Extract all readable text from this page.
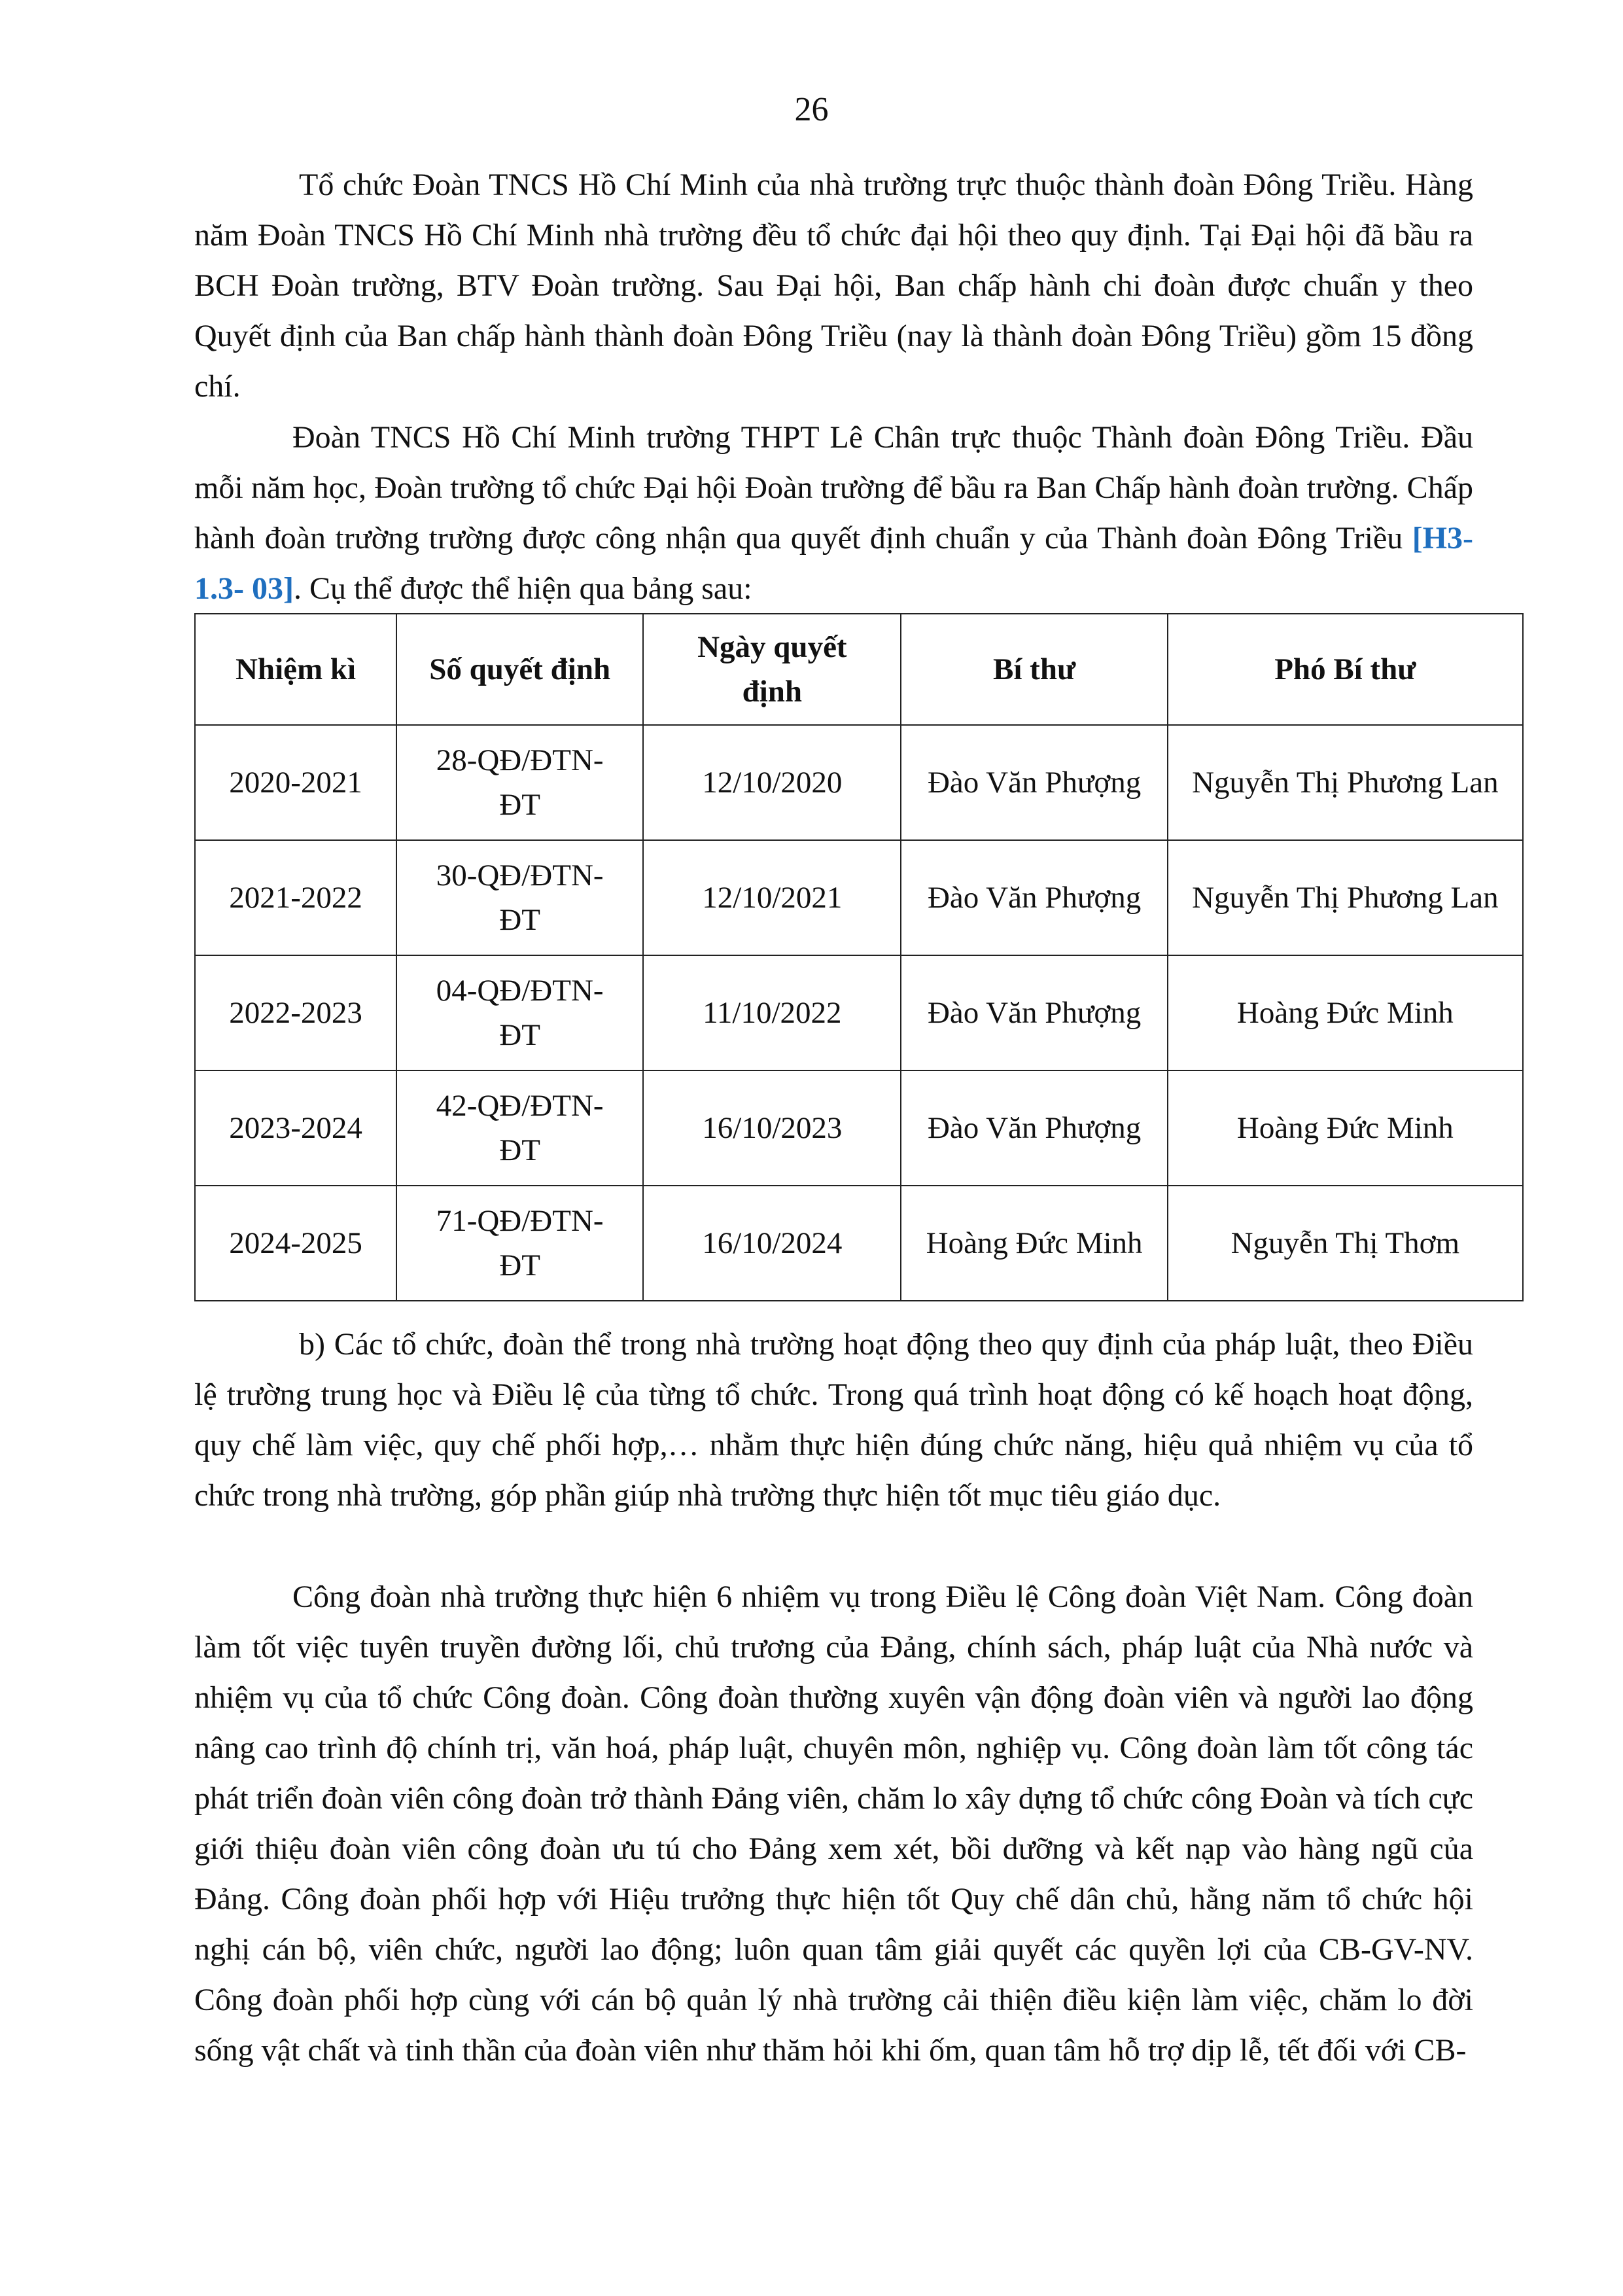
26

Tổ chức Đoàn TNCS Hồ Chí Minh của nhà trường trực thuộc thành đoàn Đông Triều. Hàng năm Đoàn TNCS Hồ Chí Minh nhà trường đều tổ chức đại hội theo quy định. Tại Đại hội đã bầu ra BCH Đoàn trường, BTV Đoàn trường. Sau Đại hội, Ban chấp hành chi đoàn được chuẩn y theo Quyết định của Ban chấp hành thành đoàn Đông Triều (nay là thành đoàn Đông Triều) gồm 15 đồng chí.

Đoàn TNCS Hồ Chí Minh trường THPT Lê Chân trực thuộc Thành đoàn Đông Triều. Đầu mỗi năm học, Đoàn trường tổ chức Đại hội Đoàn trường để bầu ra Ban Chấp hành đoàn trường. Chấp hành đoàn trường trường được công nhận qua quyết định chuẩn y của Thành đoàn Đông Triều [H3-1.3- 03]. Cụ thể được thể hiện qua bảng sau:

Nhiệm kì	Số quyết định	Ngày quyết định	Bí thư	Phó Bí thư
2020-2021	28-QĐ/ĐTN-ĐT	12/10/2020	Đào Văn Phượng	Nguyễn Thị Phương Lan
2021-2022	30-QĐ/ĐTN-ĐT	12/10/2021	Đào Văn Phượng	Nguyễn Thị Phương Lan
2022-2023	04-QĐ/ĐTN-ĐT	11/10/2022	Đào Văn Phượng	Hoàng Đức Minh
2023-2024	42-QĐ/ĐTN-ĐT	16/10/2023	Đào Văn Phượng	Hoàng Đức Minh
2024-2025	71-QĐ/ĐTN-ĐT	16/10/2024	Hoàng Đức Minh	Nguyễn Thị Thơm

b) Các tổ chức, đoàn thể trong nhà trường hoạt động theo quy định của pháp luật, theo Điều lệ trường trung học và Điều lệ của từng tổ chức. Trong quá trình hoạt động có kế hoạch hoạt động, quy chế làm việc, quy chế phối hợp,… nhằm thực hiện đúng chức năng, hiệu quả nhiệm vụ của tổ chức trong nhà trường, góp phần giúp nhà trường thực hiện tốt mục tiêu giáo dục.

Công đoàn nhà trường thực hiện 6 nhiệm vụ trong Điều lệ Công đoàn Việt Nam. Công đoàn làm tốt việc tuyên truyền đường lối, chủ trương của Đảng, chính sách, pháp luật của Nhà nước và nhiệm vụ của tổ chức Công đoàn. Công đoàn thường xuyên vận động đoàn viên và người lao động nâng cao trình độ chính trị, văn hoá, pháp luật, chuyên môn, nghiệp vụ. Công đoàn làm tốt công tác phát triển đoàn viên công đoàn trở thành Đảng viên, chăm lo xây dựng tổ chức công Đoàn và tích cực giới thiệu đoàn viên công đoàn ưu tú cho Đảng xem xét, bồi dưỡng và kết nạp vào hàng ngũ của Đảng. Công đoàn phối hợp với Hiệu trưởng thực hiện tốt Quy chế dân chủ, hằng năm tổ chức hội nghị cán bộ, viên chức, người lao động; luôn quan tâm giải quyết các quyền lợi của CB-GV-NV. Công đoàn phối hợp cùng với cán bộ quản lý nhà trường cải thiện điều kiện làm việc, chăm lo đời sống vật chất và tinh thần của đoàn viên như thăm hỏi khi ốm, quan tâm hỗ trợ dịp lễ, tết đối với CB-
